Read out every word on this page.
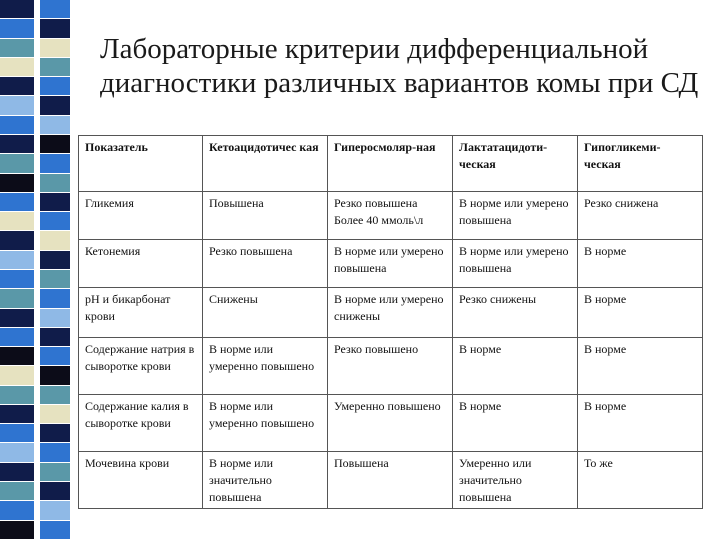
Лабораторные критерии дифференциальной диагностики различных вариантов комы при СД
Показатель	Кетоацидотичес кая	Гиперосмоляр-ная	Лактатацидоти-ческая	Гипогликеми-ческая
Гликемия	Повышена	Резко повышена Более 40 ммоль\л	В норме или умерено повышена	Резко снижена
Кетонемия	Резко повышена	В норме или умерено повышена	В норме или умерено повышена	В норме
рН и бикарбонат крови	Снижены	В норме или умерено снижены	Резко снижены	В норме
Содержание натрия в сыворотке крови	В норме или умеренно повышено	Резко повышено	В норме	В норме
Содержание калия в сыворотке крови	В норме или умеренно повышено	Умеренно повышено	В норме	В норме
Мочевина крови	В норме или значительно повышена	Повышена	Умеренно или значительно повышена	То же
